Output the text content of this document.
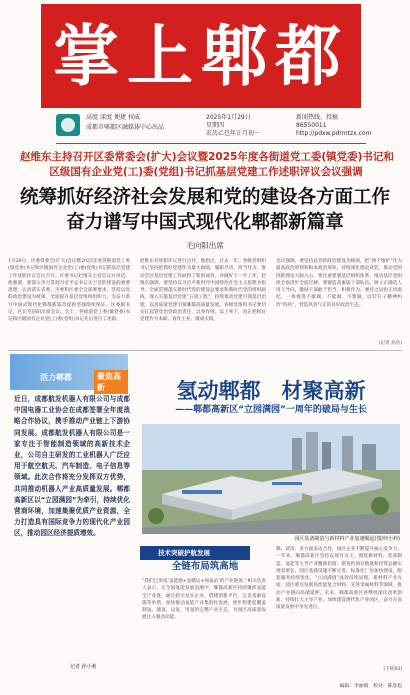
掌上郫都
高度 深度 便捷 权威
成都市郫都区融媒体中心 出品
2025年1月29日
星期四
农历乙巳年正月初一
新闻热线、投稿
86550011
http://pdxw.pdrmtzx.com
赵维东主持召开区委常委会(扩大)会议暨2025年度各街道党工委(镇党委)书记和
区级国有企业党(工)委(党组)书记抓基层党建工作述职评议会议强调
统筹抓好经济社会发展和党的建设各方面工作
奋力谱写中国式现代化郫都新篇章
毛向阳出席
1月26日，区委常委会(扩大)会议暨2025年度各街道党工委(镇党委)书记和区级国有企业党(工)委(党组)书记抓基层党建工作述职评议会议召开。区委书记赵维东主持会议并讲话。他强调，要深入学习贯彻习近平总书记关于党的建设的重要思想，认真落实省委、市委和区委全会部署要求，坚持以党的政治建设为统领，全面提升基层党组织组织力，为奋力谱写中国式现代化郫都新篇章提供坚强组织保证。区委副书记、区长毛向阳出席会议。会上，各街道党工委(镇党委)书记和区级国有企业党(工)委(党组)书记先后进行了述职。
赵维东对述职评议进行点评。他指出，过去一年，各级党组织书记坚持把抓好党建作为最大政绩，履职尽责、担当作为，推动全区基层党建工作取得了新的成效。对做好下一步工作，赵维东强调，要坚持以习近平新时代中国特色社会主义思想为指导，全面贯彻落实新时代党的建设总要求和新时代党的组织路线，深入实施基层党建“五项工程”，持续推动党建引领基层治理，以高质量党建引领郫都高质量发展。各级党组织书记要切实扛起管党治党政治责任，以身作则、以上率下，真正把抓好党建作为本职、看作主业、做成实绩。
会议强调，要坚持以党的政治建设为统领，把“两个维护”作为最高政治原则和根本政治规矩，持续深化理论武装，推动党的创新理论入脑入心。要注重建强基层组织体系，推动基层党组织全面进步全面过硬。要锻造高素质干部队伍，树立正确选人用人导向，激励干部敢于担当、积极作为。要持之以恒正风肃纪，一体推进不敢腐、不能腐、不想腐，以钉钉子精神纠治“四风”，营造风清气正的良好政治生态。
(记者 孙浩)
活力郫都	聚焦高新
近日，成都航发机器人有限公司与成都中国电器工业协会在成都签署全年度战略合作协议，携手推动产业链上下游协同发展。成都航发机器人有限公司是一家专注于智能制造领域的高新技术企业，公司自主研发的工业机器人广泛应用于航空航天、汽车制造、电子信息等领域。此次合作将充分发挥双方优势，共同推动机器人产业高质量发展。郫都高新区以“立园满园”为牵引，持续优化营商环境，加速集聚优质产业资源，全力打造具有国际竞争力的现代化产业园区，推动园区经济提质增效。
记者 孙小莉
氢动郫都　材聚高新
——郫都高新区“立园满园”一周年的破局与生长
园区装备制造与新材料产业加速崛起(图/何小莉)
技术突破护航发展
全链布局筑高地
“我们已形成‘氢能源+氢储运+加氢站’的产业链条。”相关负责人表示，在全国氢能发展浪潮中，郫都高新区持续聚焦氢能全产业链，通过招引龙头企业、搭建创新平台、完善基础设施等举措，加快推动氢能产业集群化发展，逐步构建起覆盖制氢、储氢、运氢、用氢的完整产业生态，为园区高质量发展注入强劲动能。
郫、武清，多方面多边合作，园区企业不断提升核心竞争力。一年来，郫都高新区坚持以项目为王，围绕新材料、装备制造、氢能等主导产业精准招商，新签约项目数量和投资总额实现双增长。园区基础设施不断完善，标准化厂房加快建设，配套服务持续优化，“立园满园”成效持续显现。新材料产业方面，园区重点发展高性能复合材料、先进金属材料等领域，推动产业链向高端延伸。未来，郫都高新区将继续深化改革创新，持续壮大主导产业，加快建设现代化产业园区，奋力在高质量发展中争先进位。
(下转03)
编辑：李丽娟　校对：陈彦松
